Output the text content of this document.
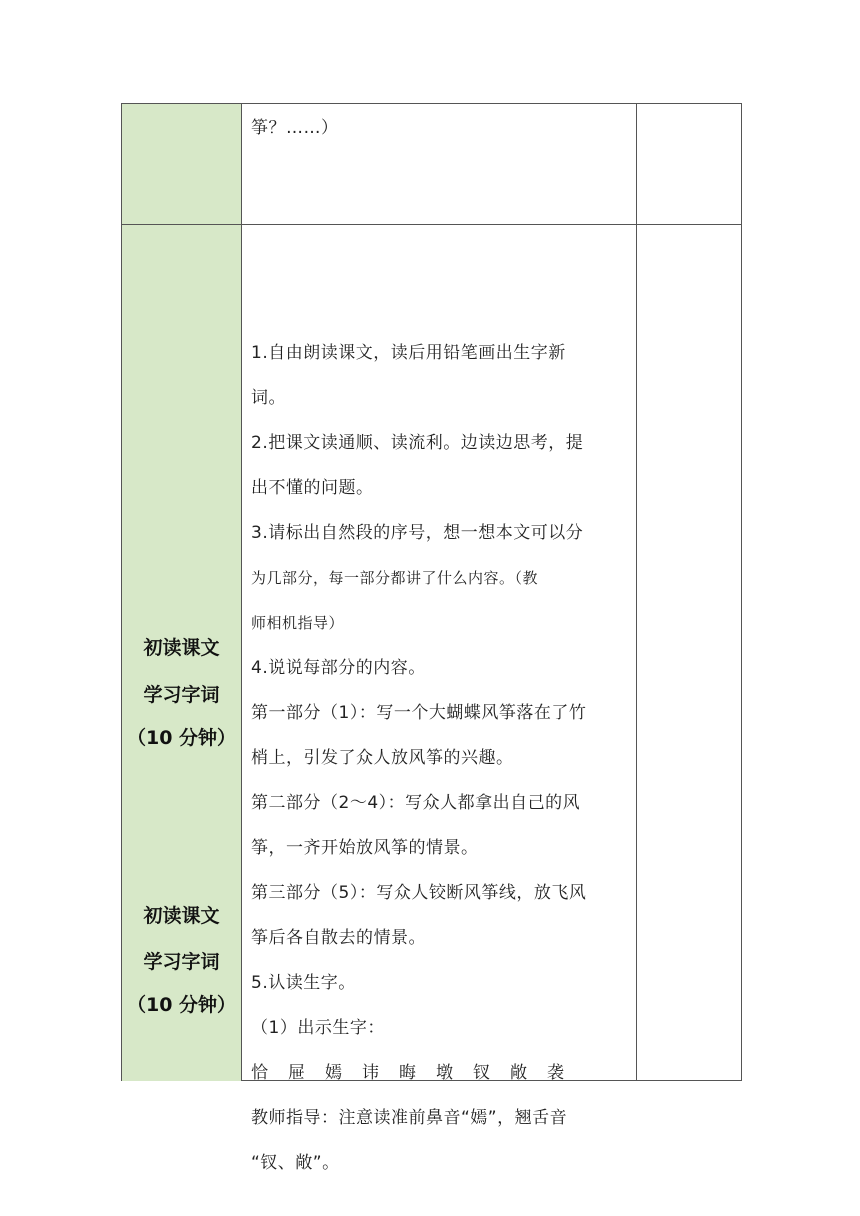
筝？……）
初读课文
学习字词
（10 分钟）
初读课文
学习字词
（10 分钟）
1.自由朗读课文，读后用铅笔画出生字新
词。
2.把课文读通顺、读流利。边读边思考，提
出不懂的问题。
3.请标出自然段的序号，想一想本文可以分
为几部分，每一部分都讲了什么内容。（教
师相机指导）
4.说说每部分的内容。
第一部分（1）：写一个大蝴蝶风筝落在了竹
梢上，引发了众人放风筝的兴趣。
第二部分（2～4）：写众人都拿出自己的风
筝，一齐开始放风筝的情景。
第三部分（5）：写众人铰断风筝线，放飞风
筝后各自散去的情景。
5.认读生字。
（1）出示生字：
恰屉嫣讳晦墩钗敞袭
教师指导：注意读准前鼻音“嫣”，翘舌音
“钗、敞”。
